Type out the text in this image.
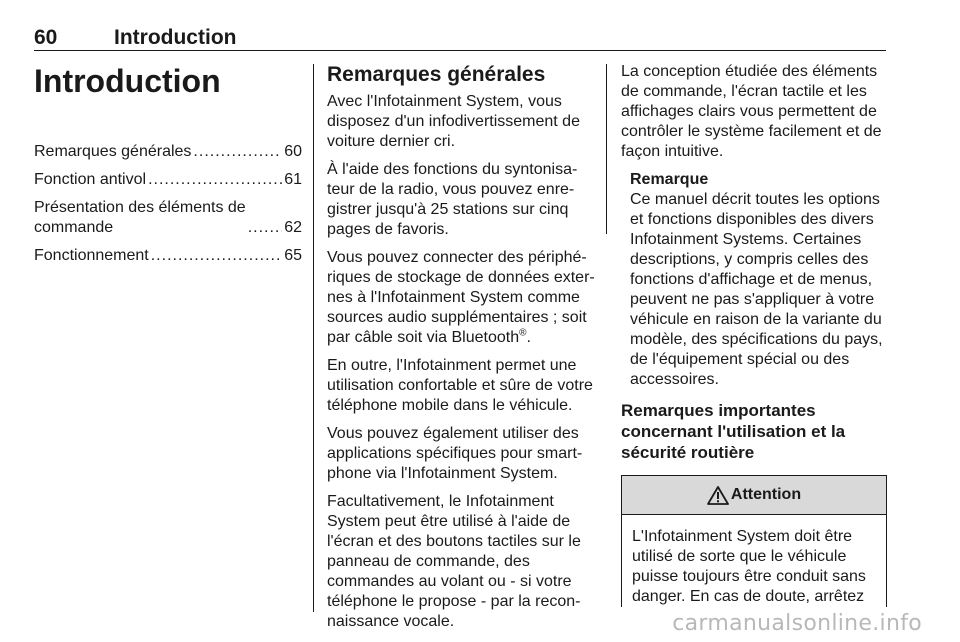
60	Introduction
Introduction
Remarques générales .....	60
Fonction antivol .....	61
Présentation des éléments de
commande .....	62
Fonctionnement .....	65
Remarques générales

Avec l'Infotainment System, vous
disposez d'un infodivertissement de
voiture dernier cri.

À l'aide des fonctions du syntonisa-
teur de la radio, vous pouvez enre-
gistrer jusqu'à 25 stations sur cinq
pages de favoris.

Vous pouvez connecter des périphé-
riques de stockage de données exter-
nes à l'Infotainment System comme
sources audio supplémentaires ; soit
par câble soit via Bluetooth®.

En outre, l'Infotainment permet une
utilisation confortable et sûre de votre
téléphone mobile dans le véhicule.

Vous pouvez également utiliser des
applications spécifiques pour smart-
phone via l'Infotainment System.

Facultativement, le Infotainment
System peut être utilisé à l'aide de
l'écran et des boutons tactiles sur le
panneau de commande, des
commandes au volant ou - si votre
téléphone le propose - par la recon-
naissance vocale.

La conception étudiée des éléments
de commande, l'écran tactile et les
affichages clairs vous permettent de
contrôler le système facilement et de
façon intuitive.

Remarque
Ce manuel décrit toutes les options
et fonctions disponibles des divers
Infotainment Systems. Certaines
descriptions, y compris celles des
fonctions d'affichage et de menus,
peuvent ne pas s'appliquer à votre
véhicule en raison de la variante du
modèle, des spécifications du pays,
de l'équipement spécial ou des
accessoires.
Remarques importantes
concernant l'utilisation et la
sécurité routière
Attention
L'Infotainment System doit être
utilisé de sorte que le véhicule
puisse toujours être conduit sans
danger. En cas de doute, arrêtez
carmanualsonline.info
